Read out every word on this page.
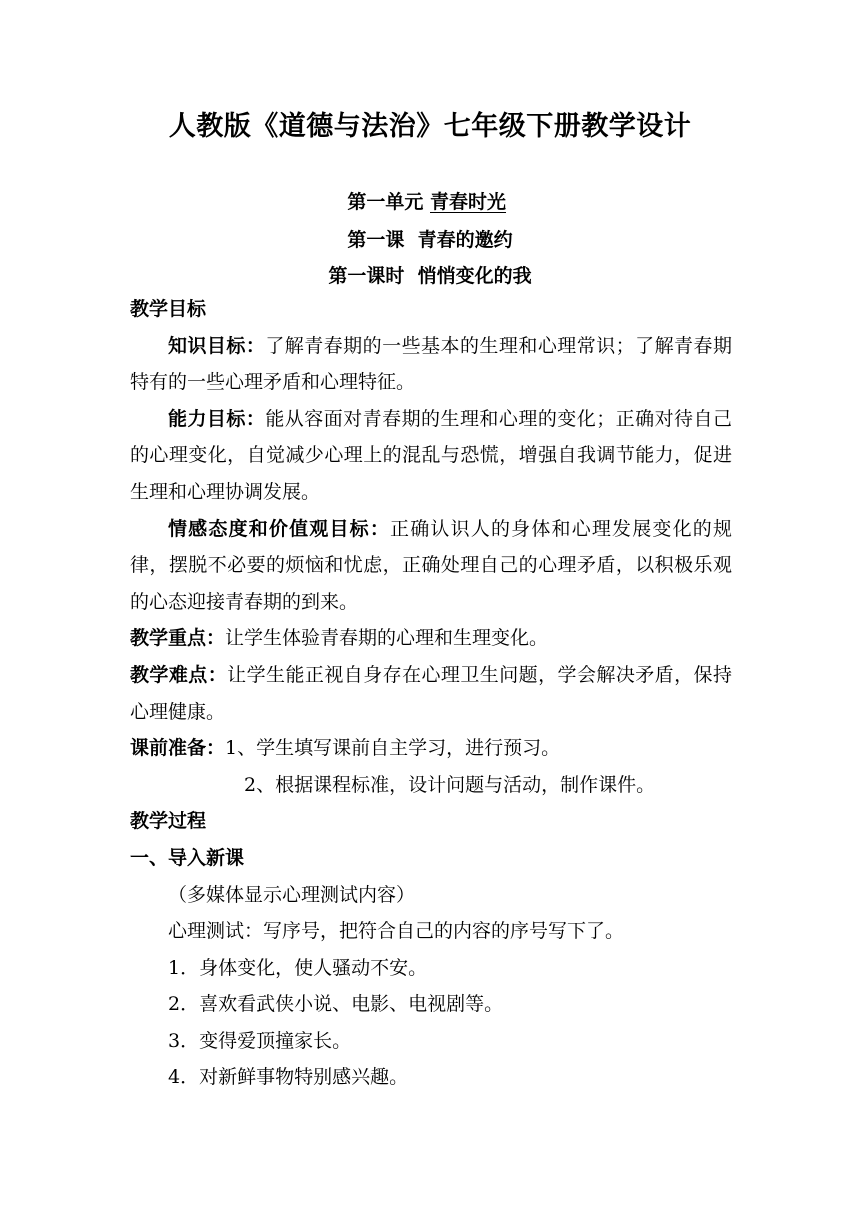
人教版《道德与法治》七年级下册教学设计
第一单元 青春时光
第一课  青春的邀约
第一课时  悄悄变化的我

教学目标

知识目标：了解青春期的一些基本的生理和心理常识；了解青春期特有的一些心理矛盾和心理特征。

能力目标：能从容面对青春期的生理和心理的变化；正确对待自己的心理变化，自觉减少心理上的混乱与恐慌，增强自我调节能力，促进生理和心理协调发展。

情感态度和价值观目标：正确认识人的身体和心理发展变化的规律，摆脱不必要的烦恼和忧虑，正确处理自己的心理矛盾，以积极乐观的心态迎接青春期的到来。

教学重点：让学生体验青春期的心理和生理变化。

教学难点：让学生能正视自身存在心理卫生问题，学会解决矛盾，保持心理健康。

课前准备：1、学生填写课前自主学习，进行预习。

2、根据课程标准，设计问题与活动，制作课件。

教学过程

一、导入新课

（多媒体显示心理测试内容）

心理测试：写序号，把符合自己的内容的序号写下了。

1．身体变化，使人骚动不安。

2．喜欢看武侠小说、电影、电视剧等。

3．变得爱顶撞家长。

4．对新鲜事物特别感兴趣。
